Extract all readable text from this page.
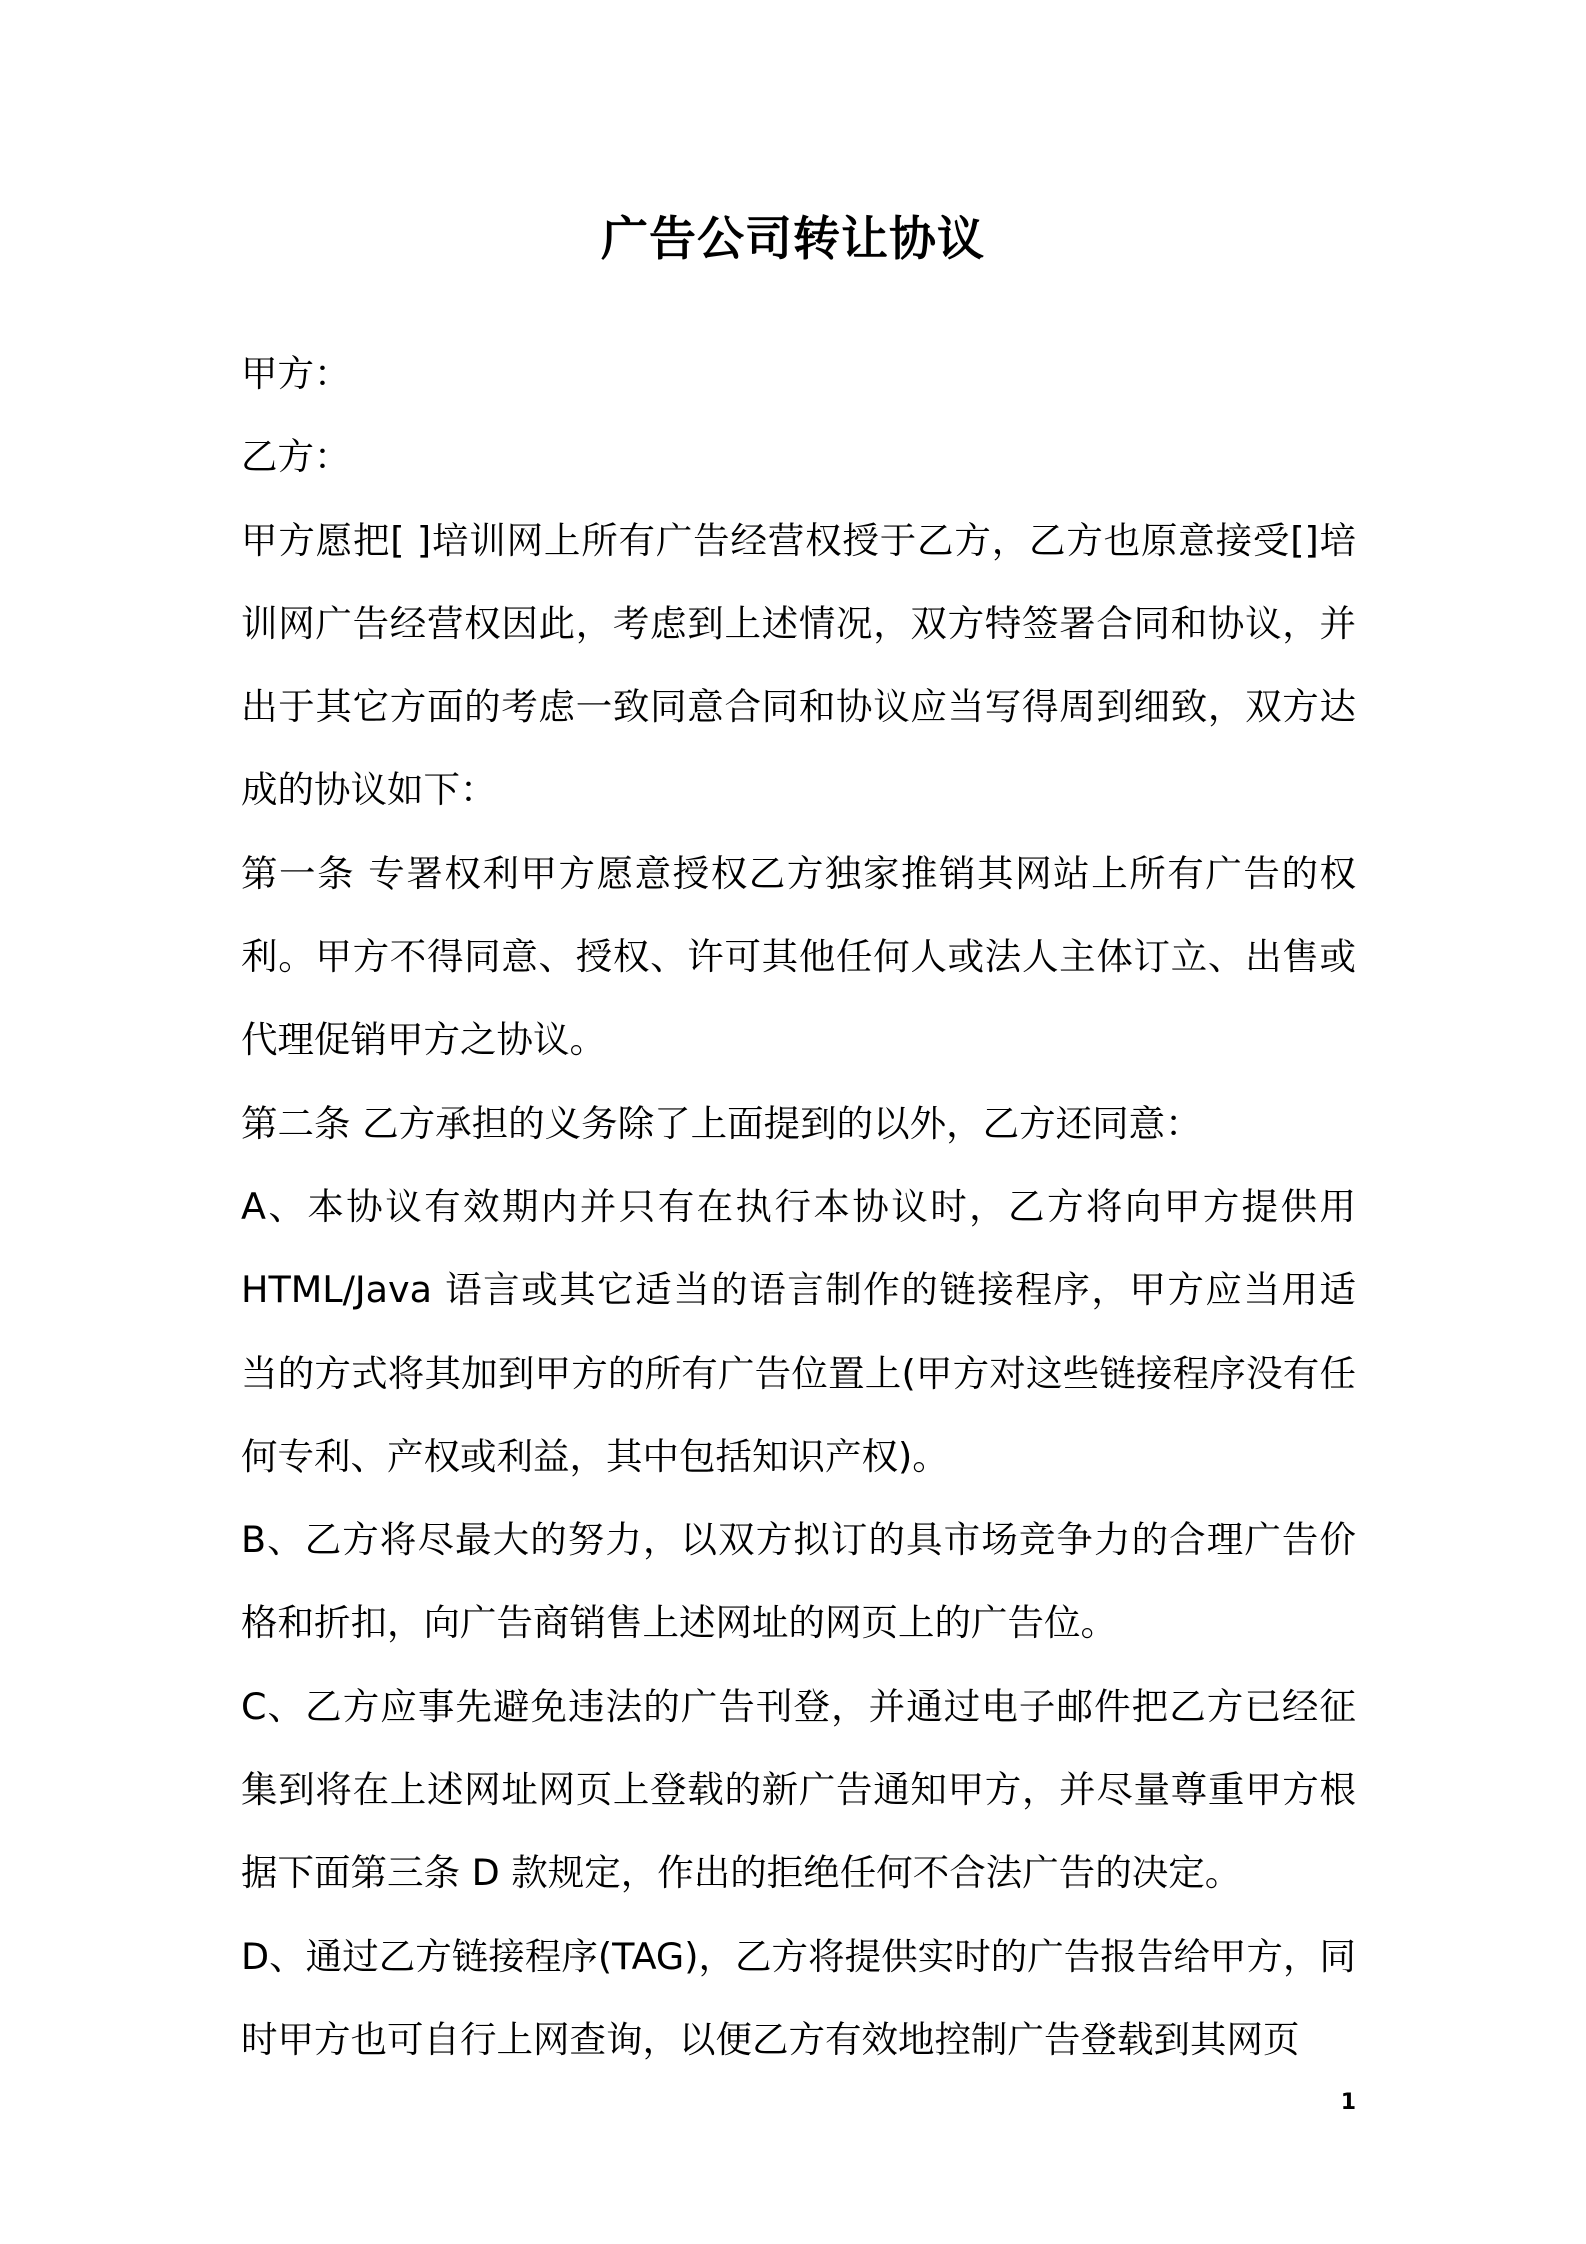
广告公司转让协议

甲方：

乙方：

甲方愿把[ ]培训网上所有广告经营权授于乙方，乙方也原意接受[]培训网广告经营权因此，考虑到上述情况，双方特签署合同和协议，并出于其它方面的考虑一致同意合同和协议应当写得周到细致，双方达成的协议如下：

第一条 专署权利甲方愿意授权乙方独家推销其网站上所有广告的权利。甲方不得同意、授权、许可其他任何人或法人主体订立、出售或代理促销甲方之协议。

第二条 乙方承担的义务除了上面提到的以外，乙方还同意：

A、本协议有效期内并只有在执行本协议时，乙方将向甲方提供用HTML/Java 语言或其它适当的语言制作的链接程序，甲方应当用适当的方式将其加到甲方的所有广告位置上(甲方对这些链接程序没有任何专利、产权或利益，其中包括知识产权)。

B、乙方将尽最大的努力，以双方拟订的具市场竞争力的合理广告价格和折扣，向广告商销售上述网址的网页上的广告位。

C、乙方应事先避免违法的广告刊登，并通过电子邮件把乙方已经征集到将在上述网址网页上登载的新广告通知甲方，并尽量尊重甲方根据下面第三条 D 款规定，作出的拒绝任何不合法广告的决定。

D、通过乙方链接程序(TAG)，乙方将提供实时的广告报告给甲方，同时甲方也可自行上网查询，以便乙方有效地控制广告登载到其网页

1
